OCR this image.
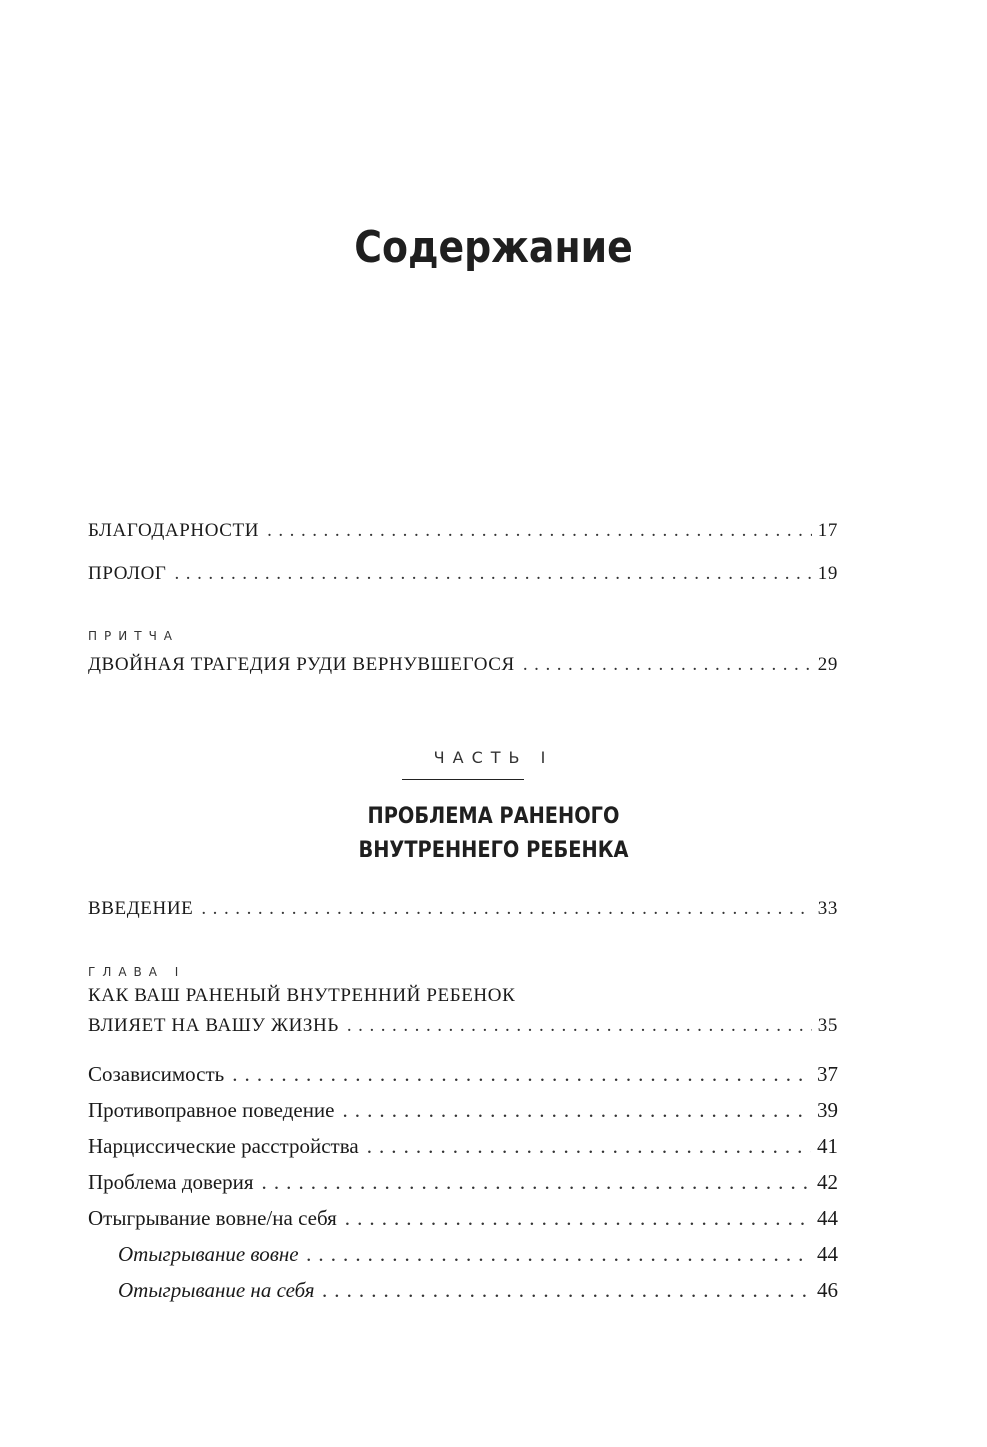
Содержание
БЛАГОДАРНОСТИ . . .	17
ПРОЛОГ . . .	19
ПРИТЧА
ДВОЙНАЯ ТРАГЕДИЯ РУДИ ВЕРНУВШЕГОСЯ . . .	29
ЧАСТЬ I
ПРОБЛЕМА РАНЕНОГО
ВНУТРЕННЕГО РЕБЕНКА
ВВЕДЕНИЕ . . .	33
ГЛАВА I
КАК ВАШ РАНЕНЫЙ ВНУТРЕННИЙ РЕБЕНОК
ВЛИЯЕТ НА ВАШУ ЖИЗНЬ . . .	35
Созависимость . . .	37
Противоправное поведение . . .	39
Нарциссические расстройства . . .	41
Проблема доверия . . .	42
Отыгрывание вовне/на себя . . .	44
Отыгрывание вовне . . .	44
Отыгрывание на себя . . .	46
